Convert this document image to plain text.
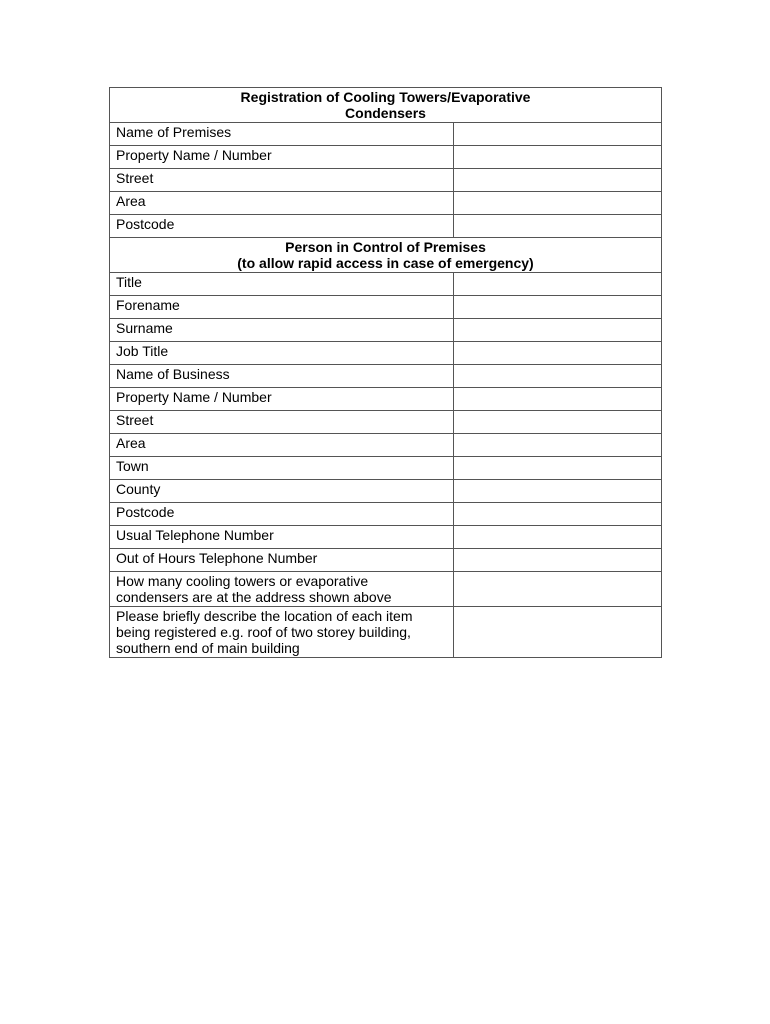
Registration of Cooling Towers/Evaporative
Condensers	

Name of Premises	
Property Name / Number	
Street	
Area	
Postcode	

Person in Control of Premises
(to allow rapid access in case of emergency)	

Title	
Forename	
Surname	
Job Title	
Name of Business	
Property Name / Number	
Street	
Area	
Town	
County	
Postcode	
Usual Telephone Number	
Out of Hours Telephone Number	

How many cooling towers or evaporative
condensers are at the address shown above	

Please briefly describe the location of each item
being registered e.g. roof of two storey building,
southern end of main building	
